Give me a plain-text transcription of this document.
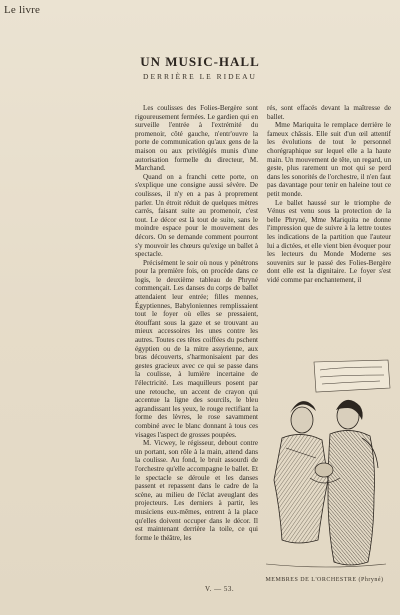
Le livre
UN MUSIC-HALL
DERRIÈRE LE RIDEAU

Les coulisses des Folies-Bergère sont rigoureusement fermées. Le gardien qui en surveille l'entrée à l'extrémité du promenoir, côté gauche, n'entr'ouvre la porte de communication qu'aux gens de la maison ou aux privilégiés munis d'une autorisation formelle du directeur, M. Marchand.

Quand on a franchi cette porte, on s'explique une consigne aussi sévère. De coulisses, il n'y en a pas à proprement parler. Un étroit réduit de quelques mètres carrés, faisant suite au promenoir, c'est tout. Le décor est là tout de suite, sans le moindre espace pour le mouvement des décors. On se demande comment pourront s'y mouvoir les chœurs qu'exige un ballet à spectacle.

Précisément le soir où nous y pénétrons pour la première fois, on procède dans ce logis, le deuxième tableau de Phryné commençait. Les danses du corps de ballet attendaient leur entrée; filles mennes, Égyptiennes, Babyloniennes remplissaient tout le foyer où elles se pressaient, étouffant sous la gaze et se trouvant au mieux accessoires les unes contre les autres. Toutes ces têtes coiffées du pschent égyptien ou de la mitre assyrienne, aux bras découverts, s'harmonisaient par des gestes gracieux avec ce qui se passe dans la coulisse, à lumière incertaine de l'électricité. Les maquilleurs posent par une retouche, un accent de crayon qui accentue la ligne des sourcils, le bleu agrandissant les yeux, le rouge rectifiant la forme des lèvres, le rose savamment combiné avec le blanc donnant à tous ces visages l'aspect de grosses poupées.

M. Vicwey, le régisseur, debout contre un portant, son rôle à la main, attend dans la coulisse. Au fond, le bruit assourdi de l'orchestre qu'elle accompagne le ballet. Et le spectacle se déroule et les danses passent et repassent dans le cadre de la scène, au milieu de l'éclat aveuglant des projecteurs. Les derniers à partir, les musiciens eux-mêmes, entrent à la place qu'elles doivent occuper dans le décor. Il est maintenant derrière la toile, ce qui forme le théâtre, les

rés, sont effacés devant la maîtresse de ballet.

Mme Mariquita le remplace derrière le fameux châssis. Elle suit d'un œil attentif les évolutions de tout le personnel chorégraphique sur lequel elle a la haute main. Un mouvement de tête, un regard, un geste, plus rarement un mot qui se perd dans les sonorités de l'orchestre, il n'en faut pas davantage pour tenir en haleine tout ce petit monde.

Le ballet haussé sur le triomphe de Vénus est venu sous la protection de la belle Phryné, Mme Mariquita ne donne l'impression que de suivre à la lettre toutes les indications de la partition que l'auteur lui a dictées, et elle vient bien évoquer pour les lecteurs du Monde Moderne ses souvenirs sur le passé des Folies-Bergère dont elle est la dignitaire. Le foyer s'est vidé comme par enchantement, il

MEMBRES DE L'ORCHESTRE (Phryné)
V. — 53.
